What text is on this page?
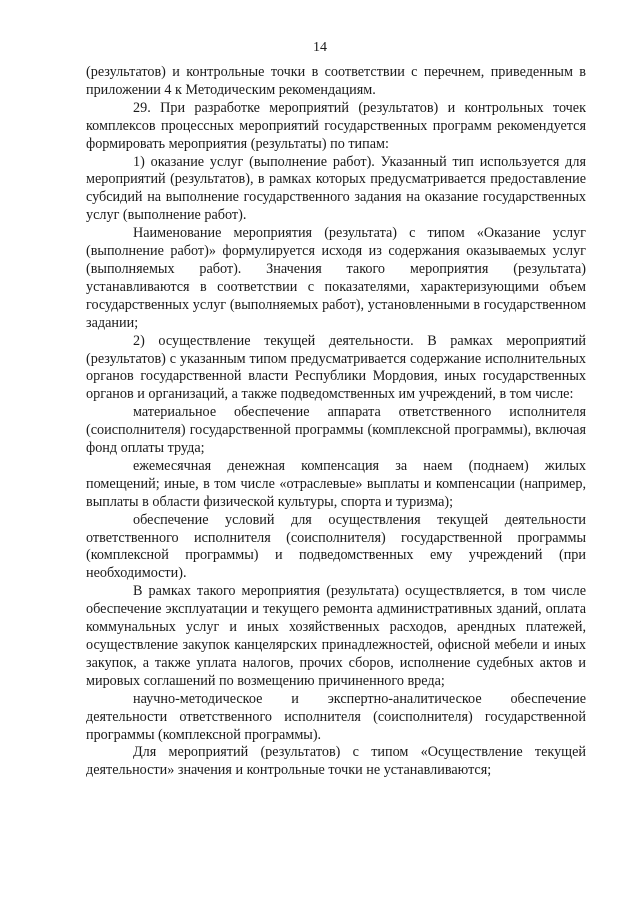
14

(результатов) и контрольные точки в соответствии с перечнем, приведенным в приложении 4 к Методическим рекомендациям.

29. При разработке мероприятий (результатов) и контрольных точек комплексов процессных мероприятий государственных программ рекомендуется формировать мероприятия (результаты) по типам:

1) оказание услуг (выполнение работ). Указанный тип используется для мероприятий (результатов), в рамках которых предусматривается предоставление субсидий на выполнение государственного задания на оказание государственных услуг (выполнение работ).

Наименование мероприятия (результата) с типом «Оказание услуг (выполнение работ)» формулируется исходя из содержания оказываемых услуг (выполняемых работ). Значения такого мероприятия (результата) устанавливаются в соответствии с показателями, характеризующими объем государственных услуг (выполняемых работ), установленными в государственном задании;

2) осуществление текущей деятельности. В рамках мероприятий (результатов) с указанным типом предусматривается содержание исполнительных органов государственной власти Республики Мордовия, иных государственных органов и организаций, а также подведомственных им учреждений, в том числе:

материальное обеспечение аппарата ответственного исполнителя (соисполнителя) государственной программы (комплексной программы), включая фонд оплаты труда;

ежемесячная денежная компенсация за наем (поднаем) жилых помещений; иные, в том числе «отраслевые» выплаты и компенсации (например, выплаты в области физической культуры, спорта и туризма);

обеспечение условий для осуществления текущей деятельности ответственного исполнителя (соисполнителя) государственной программы (комплексной программы) и подведомственных ему учреждений (при необходимости).

В рамках такого мероприятия (результата) осуществляется, в том числе обеспечение эксплуатации и текущего ремонта административных зданий, оплата коммунальных услуг и иных хозяйственных расходов, арендных платежей, осуществление закупок канцелярских принадлежностей, офисной мебели и иных закупок, а также уплата налогов, прочих сборов, исполнение судебных актов и мировых соглашений по возмещению причиненного вреда;

научно-методическое и экспертно-аналитическое обеспечение деятельности ответственного исполнителя (соисполнителя) государственной программы (комплексной программы).

Для мероприятий (результатов) с типом «Осуществление текущей деятельности» значения и контрольные точки не устанавливаются;
